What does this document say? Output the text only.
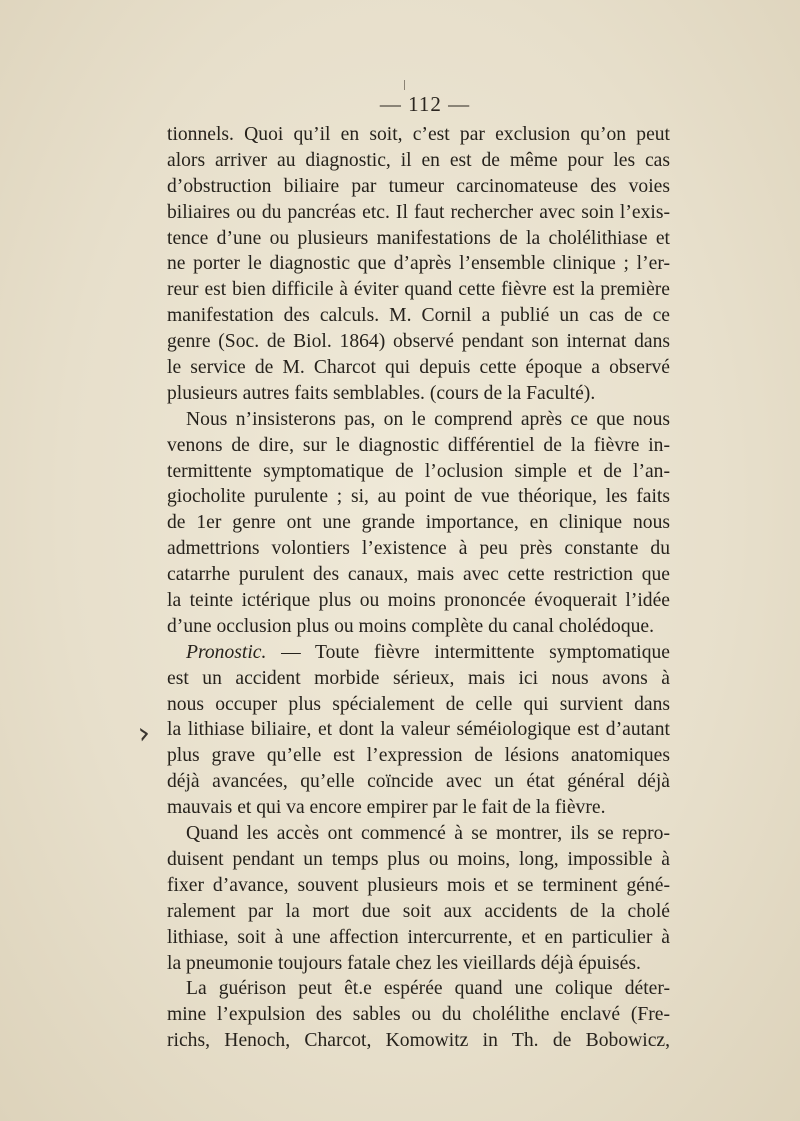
— 112 —
›
tionnels. Quoi qu’il en soit, c’est par exclusion qu’on peut
alors arriver au diagnostic, il en est de même pour les cas
d’obstruction biliaire par tumeur carcinomateuse des voies
biliaires ou du pancréas etc. Il faut rechercher avec soin l’exis-
tence d’une ou plusieurs manifestations de la cholélithiase et
ne porter le diagnostic que d’après l’ensemble clinique ; l’er-
reur est bien difficile à éviter quand cette fièvre est la première
manifestation des calculs. M. Cornil a publié un cas de ce
genre (Soc. de Biol. 1864) observé pendant son internat dans
le service de M. Charcot qui depuis cette époque a observé
plusieurs autres faits semblables. (cours de la Faculté).
Nous n’insisterons pas, on le comprend après ce que nous
venons de dire, sur le diagnostic différentiel de la fièvre in-
termittente symptomatique de l’oclusion simple et de l’an-
giocholite purulente ; si, au point de vue théorique, les faits
de 1er genre ont une grande importance, en clinique nous
admettrions volontiers l’existence à peu près constante du
catarrhe purulent des canaux, mais avec cette restriction que
la teinte ictérique plus ou moins prononcée évoquerait l’idée
d’une occlusion plus ou moins complète du canal cholédoque.
Pronostic. — Toute fièvre intermittente symptomatique
est un accident morbide sérieux, mais ici nous avons à
nous occuper plus spécialement de celle qui survient dans
la lithiase biliaire, et dont la valeur séméiologique est d’autant
plus grave qu’elle est l’expression de lésions anatomiques
déjà avancées, qu’elle coïncide avec un état général déjà
mauvais et qui va encore empirer par le fait de la fièvre.
Quand les accès ont commencé à se montrer, ils se repro-
duisent pendant un temps plus ou moins, long, impossible à
fixer d’avance, souvent plusieurs mois et se terminent géné-
ralement par la mort due soit aux accidents de la cholé
lithiase, soit à une affection intercurrente, et en particulier à
la pneumonie toujours fatale chez les vieillards déjà épuisés.
La guérison peut êt.e espérée quand une colique déter-
mine l’expulsion des sables ou du cholélithe enclavé (Fre-
richs, Henoch, Charcot, Komowitz in Th. de Bobowicz,
